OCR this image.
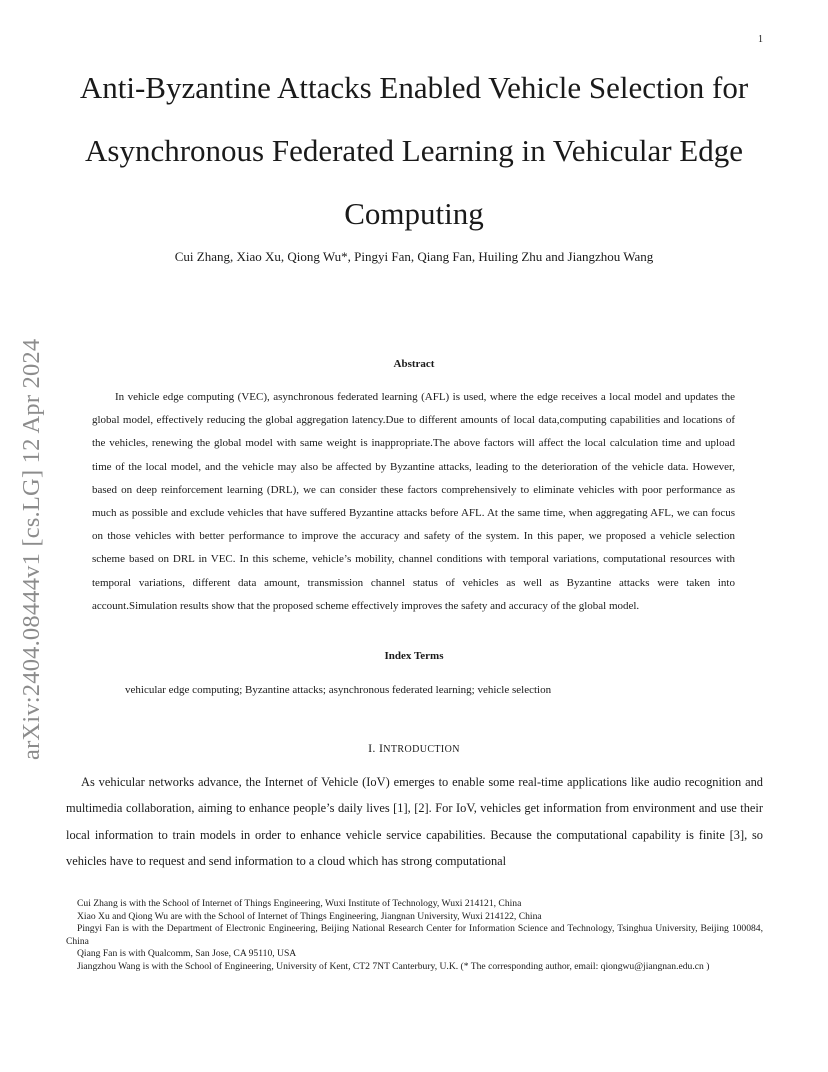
1
arXiv:2404.08444v1 [cs.LG] 12 Apr 2024
Anti-Byzantine Attacks Enabled Vehicle Selection for Asynchronous Federated Learning in Vehicular Edge Computing
Cui Zhang, Xiao Xu, Qiong Wu*, Pingyi Fan, Qiang Fan, Huiling Zhu and Jiangzhou Wang
Abstract

In vehicle edge computing (VEC), asynchronous federated learning (AFL) is used, where the edge receives a local model and updates the global model, effectively reducing the global aggregation latency.Due to different amounts of local data,computing capabilities and locations of the vehicles, renewing the global model with same weight is inappropriate.The above factors will affect the local calculation time and upload time of the local model, and the vehicle may also be affected by Byzantine attacks, leading to the deterioration of the vehicle data. However, based on deep reinforcement learning (DRL), we can consider these factors comprehensively to eliminate vehicles with poor performance as much as possible and exclude vehicles that have suffered Byzantine attacks before AFL. At the same time, when aggregating AFL, we can focus on those vehicles with better performance to improve the accuracy and safety of the system. In this paper, we proposed a vehicle selection scheme based on DRL in VEC. In this scheme, vehicle’s mobility, channel conditions with temporal variations, computational resources with temporal variations, different data amount, transmission channel status of vehicles as well as Byzantine attacks were taken into account.Simulation results show that the proposed scheme effectively improves the safety and accuracy of the global model.

Index Terms
vehicular edge computing; Byzantine attacks; asynchronous federated learning; vehicle selection
I. INTRODUCTION

As vehicular networks advance, the Internet of Vehicle (IoV) emerges to enable some real-time applications like audio recognition and multimedia collaboration, aiming to enhance people’s daily lives [1], [2]. For IoV, vehicles get information from environment and use their local information to train models in order to enhance vehicle service capabilities. Because the computational capability is finite [3], so vehicles have to request and send information to a cloud which has strong computational

Cui Zhang is with the School of Internet of Things Engineering, Wuxi Institute of Technology, Wuxi 214121, China

Xiao Xu and Qiong Wu are with the School of Internet of Things Engineering, Jiangnan University, Wuxi 214122, China

Pingyi Fan is with the Department of Electronic Engineering, Beijing National Research Center for Information Science and Technology, Tsinghua University, Beijing 100084, China

Qiang Fan is with Qualcomm, San Jose, CA 95110, USA

Jiangzhou Wang is with the School of Engineering, University of Kent, CT2 7NT Canterbury, U.K. (* The corresponding author, email: qiongwu@jiangnan.edu.cn )
